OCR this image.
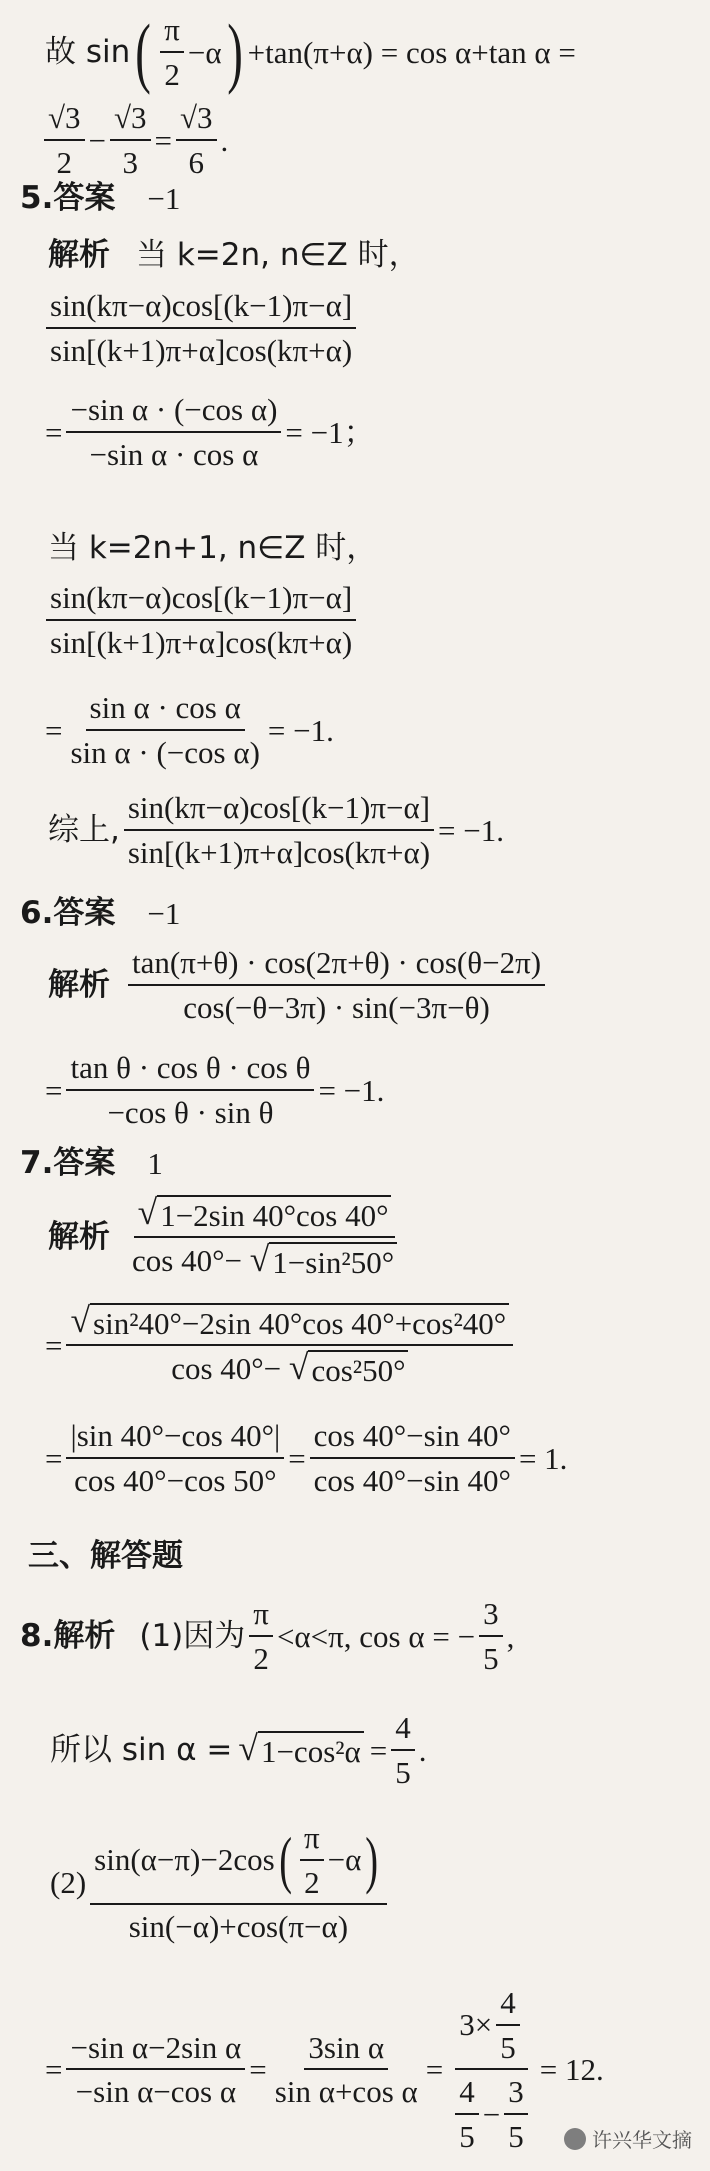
故 sin ( $\frac{\pi}{2} -\alpha$ ) +tan(π+α) = cos α+tan α =
$\frac{√3}{2} - \frac{√3}{3} = \frac{√3}{6}$ .
5.答案 −1
解析 当 k=2n, n∈Z 时，
$\frac{\sin(k\pi-\alpha)\cos[(k-1)\pi-\alpha]}{\sin[(k+1)\pi+\alpha]\cos(k\pi+\alpha)}$
= $\frac{\text{−sin α · (−cos α)}}{\text{−sin α · cos α}} = -1$；
当 k=2n+1, n∈Z 时，
$\frac{\sin(k\pi-\alpha)\cos[(k-1)\pi-\alpha]}{\sin[(k+1)\pi+\alpha]\cos(k\pi+\alpha)}$
= $\frac{\text{sin α · cos α}}{\text{sin α · (−cos α)}} = -1$.
综上, $\frac{\sin(k\pi-\alpha)\cos[(k-1)\pi-\alpha]}{\sin[(k+1)\pi+\alpha]\cos(k\pi+\alpha)} = -1$.
6.答案 −1
解析 $\frac{\tan(\pi+\theta) \cdot \cos(2\pi+\theta) \cdot \cos(\theta-2\pi)}{\cos(-\theta-3\pi) \cdot \sin(-3\pi-\theta)}$
= $\frac{\text{tan θ · cos θ · cos θ}}{\text{−cos θ · sin θ}} = -1$.
7.答案 1
解析 $\frac{√ 1-2\sin 40^\circ\cos 40^\circ}{\text{cos 40°− √ 1−sin²50°}}$
= $\frac{\text{√ sin²40°−2sin 40°cos 40°+cos²40°}}{\text{cos 40°− √ cos²50°}}$
= $\frac{|\sin 40^\circ-\cos 40^\circ|}{\cos 40^\circ-\cos 50^\circ} = \frac{\cos 40^\circ-\sin 40^\circ}{\cos 40^\circ-\sin 40^\circ} = 1$.
三、解答题
8.解析 (1)因为 $\frac{\pi}{2} <\alpha<\pi$, cos α = − $\frac{3}{5}$ ,
所以 sin α = √ $1-\cos^2\alpha = \frac{4}{5}$ .
(2)
sin(α−π)−2cos ( $\frac{\pi}{2} -\alpha$ )
sin(−α)+cos(π−α)
= $\frac{\text{−sin α−2sin α}}{\text{−sin α−cos α}} = \frac{\text{3sin α}}{\text{sin α+cos α}}$ =
$3\times \frac{4}{5}$
$\frac{4}{5} - \frac{3}{5}$
= 12.
许兴华文摘
